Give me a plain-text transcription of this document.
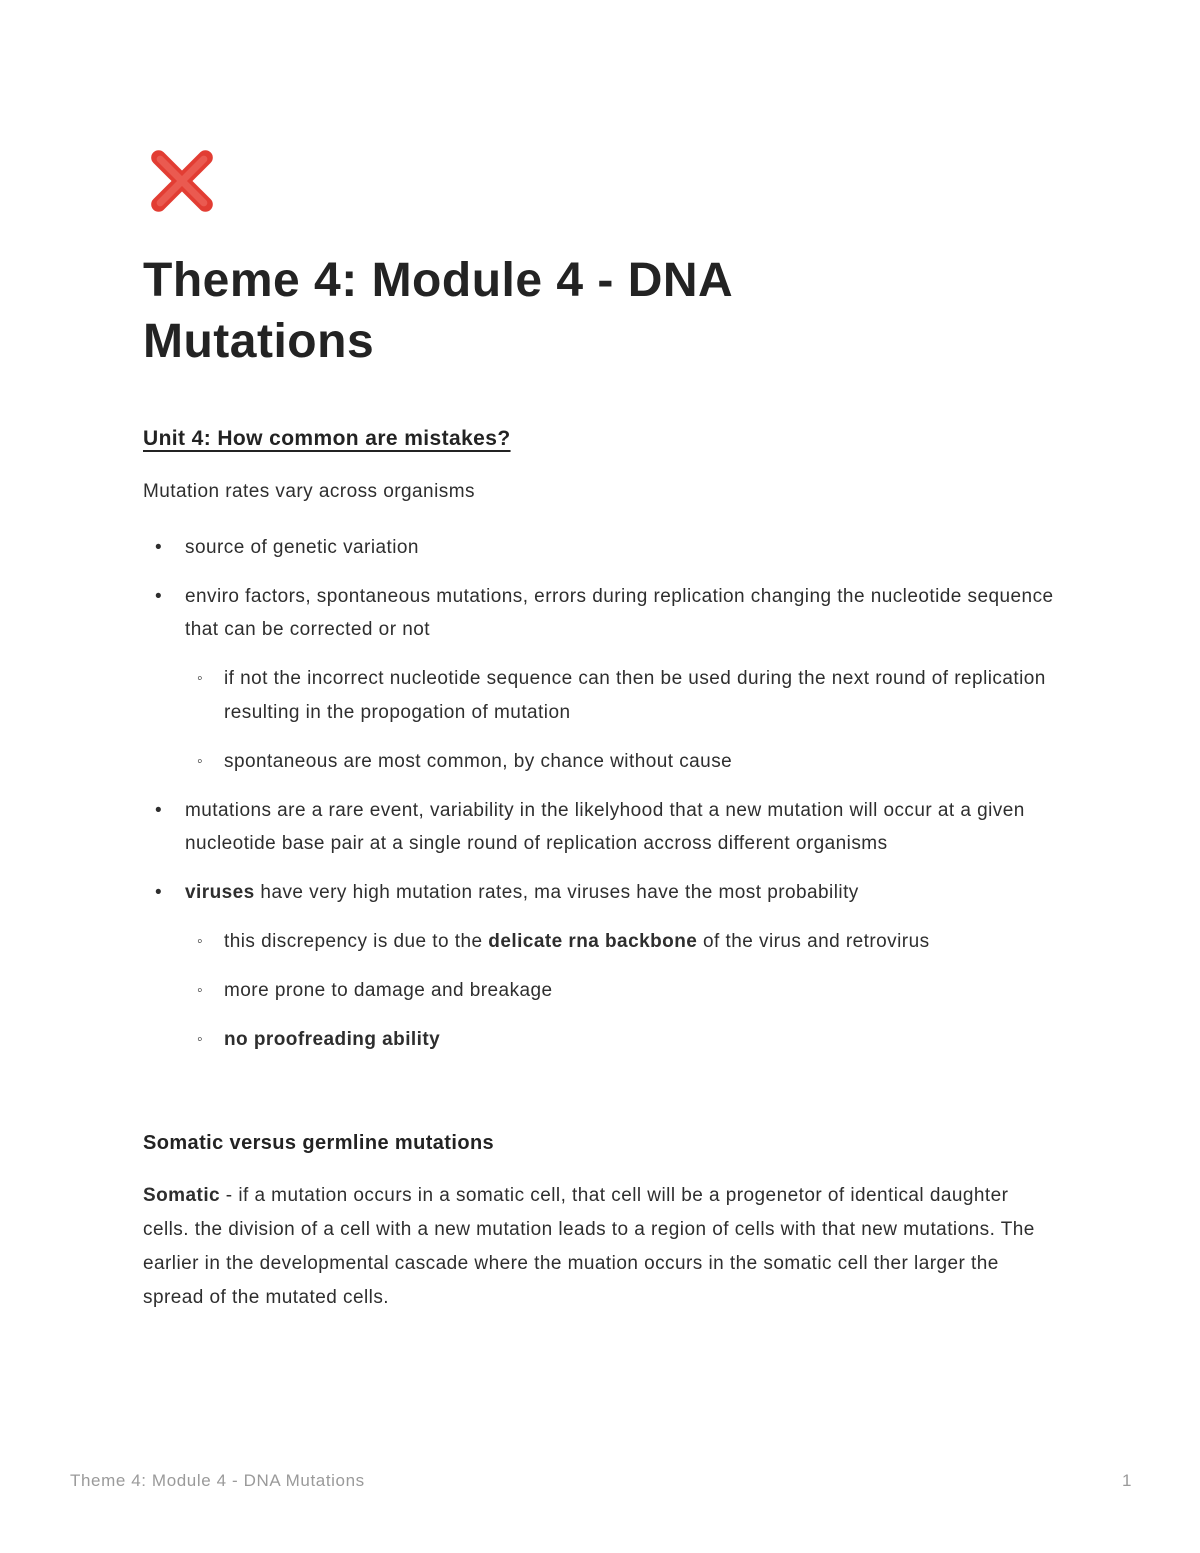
Theme 4: Module 4 - DNA Mutations
Unit 4: How common are mistakes?

Mutation rates vary across organisms

•	source of genetic variation
•	enviro factors, spontaneous mutations, errors during replication changing the nucleotide sequence that can be corrected or not
◦	if not the incorrect nucleotide sequence can then be used during the next round of replication resulting in the propogation of mutation
◦	spontaneous are most common, by chance without cause
•	mutations are a rare event, variability in the likelyhood that a new mutation will occur at a given nucleotide base pair at a single round of replication accross different organisms
•	viruses have very high mutation rates, ma viruses have the most probability
◦	this discrepency is due to the delicate rna backbone of the virus and retrovirus
◦	more prone to damage and breakage
◦	no proofreading ability
Somatic versus germline mutations

Somatic - if a mutation occurs in a somatic cell, that cell will be a progenetor of identical daughter cells. the division of a cell with a new mutation leads to a region of cells with that new mutations. The earlier in the developmental cascade where the muation occurs in the somatic cell ther larger the spread of the mutated cells.

Theme 4: Module 4 - DNA Mutations	1
